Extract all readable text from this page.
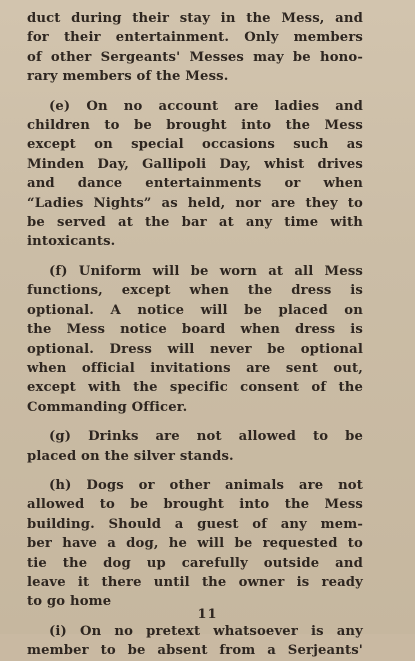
duct during their stay in the Mess, and
for their entertainment. Only members
of other Sergeants' Messes may be hono-
rary members of the Mess.
(e) On no account are ladies and
children to be brought into the Mess
except on special occasions such as
Minden Day, Gallipoli Day, whist drives
and dance entertainments or when
“Ladies Nights” as held, nor are they to
be served at the bar at any time with
intoxicants.
(f) Uniform will be worn at all Mess
functions, except when the dress is
optional. A notice will be placed on
the Mess notice board when dress is
optional. Dress will never be optional
when official invitations are sent out,
except with the specific consent of the
Commanding Officer.
(g) Drinks are not allowed to be
placed on the silver stands.
(h) Dogs or other animals are not
allowed to be brought into the Mess
building. Should a guest of any mem-
ber have a dog, he will be requested to
tie the dog up carefully outside and
leave it there until the owner is ready
to go home
(i) On no pretext whatsoever is any
member to be absent from a Serjeants'
11
